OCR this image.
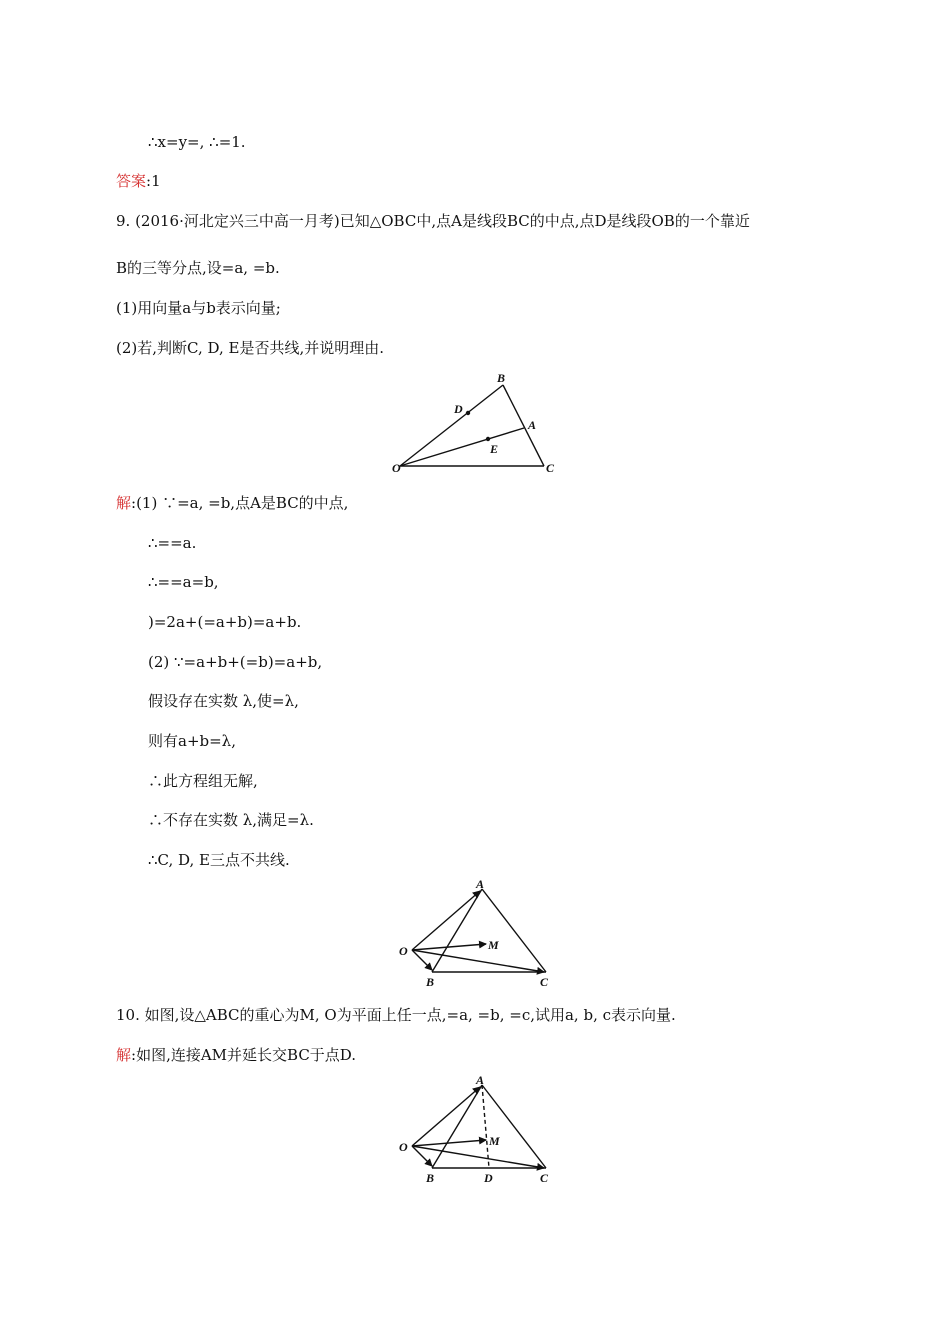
∴x=y=, ∴=1.
答案:1
9. (2016·河北定兴三中高一月考)已知△OBC中,点A是线段BC的中点,点D是线段OB的一个靠近
B的三等分点,设=a, =b.
(1)用向量a与b表示向量;
(2)若,判断C, D, E是否共线,并说明理由.
B
D
A
E
O	C
解:(1) ∵=a, =b,点A是BC的中点,
∴==a.
∴==a=b,
)=2a+(=a+b)=a+b.
(2) ∵=a+b+(=b)=a+b,
假设存在实数 λ,使=λ,
则有a+b=λ,
∴此方程组无解,
∴不存在实数 λ,满足=λ.
∴C, D, E三点不共线.
A
M
O
B	C
10. 如图,设△ABC的重心为M, O为平面上任一点,=a, =b, =c,试用a, b, c表示向量.
解:如图,连接AM并延长交BC于点D.
A
M
O
B	D	C
